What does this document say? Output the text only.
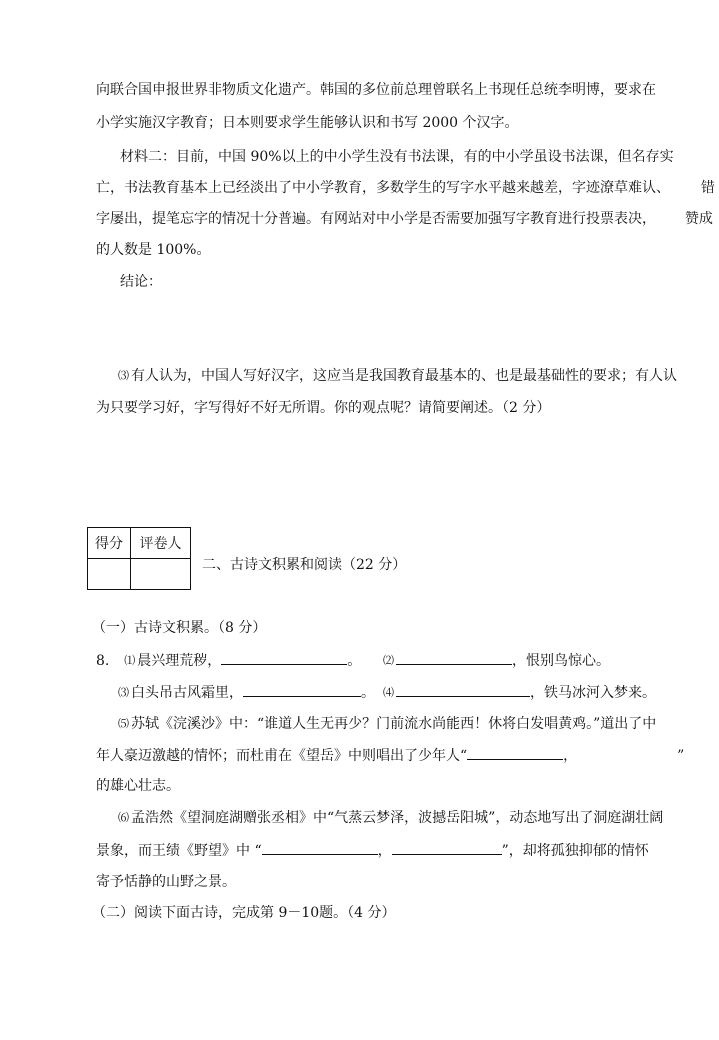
向联合国申报世界非物质文化遗产。韩国的多位前总理曾联名上书现任总统李明博，要求在
小学实施汉字教育；日本则要求学生能够认识和书写 2000 个汉字。
材料二：目前，中国 90%以上的中小学生没有书法课，有的中小学虽设书法课，但名存实
亡，书法教育基本上已经淡出了中小学教育，多数学生的写字水平越来越差，字迹潦草难认、 错
字屡出，提笔忘字的情况十分普遍。有网站对中小学是否需要加强写字教育进行投票表决， 赞成
的人数是 100%。
结论：
⑶ 有人认为，中国人写好汉字，这应当是我国教育最基本的、也是最基础性的要求；有人认
为只要学习好，字写得好不好无所谓。你的观点呢？请简要阐述。（2 分）
得分	评卷人

二、古诗文积累和阅读（22 分）
（一）古诗文积累。（8 分）
8. ⑴ 晨兴理荒秽，	。 ⑵	，恨别鸟惊心。
⑶ 白头吊古风霜里，	。 ⑷	，铁马冰河入梦来。
⑸ 苏轼《浣溪沙》中：“谁道人生无再少？门前流水尚能西！休将白发唱黄鸡。”道出了中
年人豪迈激越的情怀；而杜甫在《望岳》中则唱出了少年人“	，	”
的雄心壮志。
⑹ 孟浩然《望洞庭湖赠张丞相》中“气蒸云梦泽，波撼岳阳城”，动态地写出了洞庭湖壮阔
景象，而王绩《野望》中 “	，	”，却将孤独抑郁的情怀
寄予恬静的山野之景。
（二）阅读下面古诗，完成第 9－10题。（4 分）
